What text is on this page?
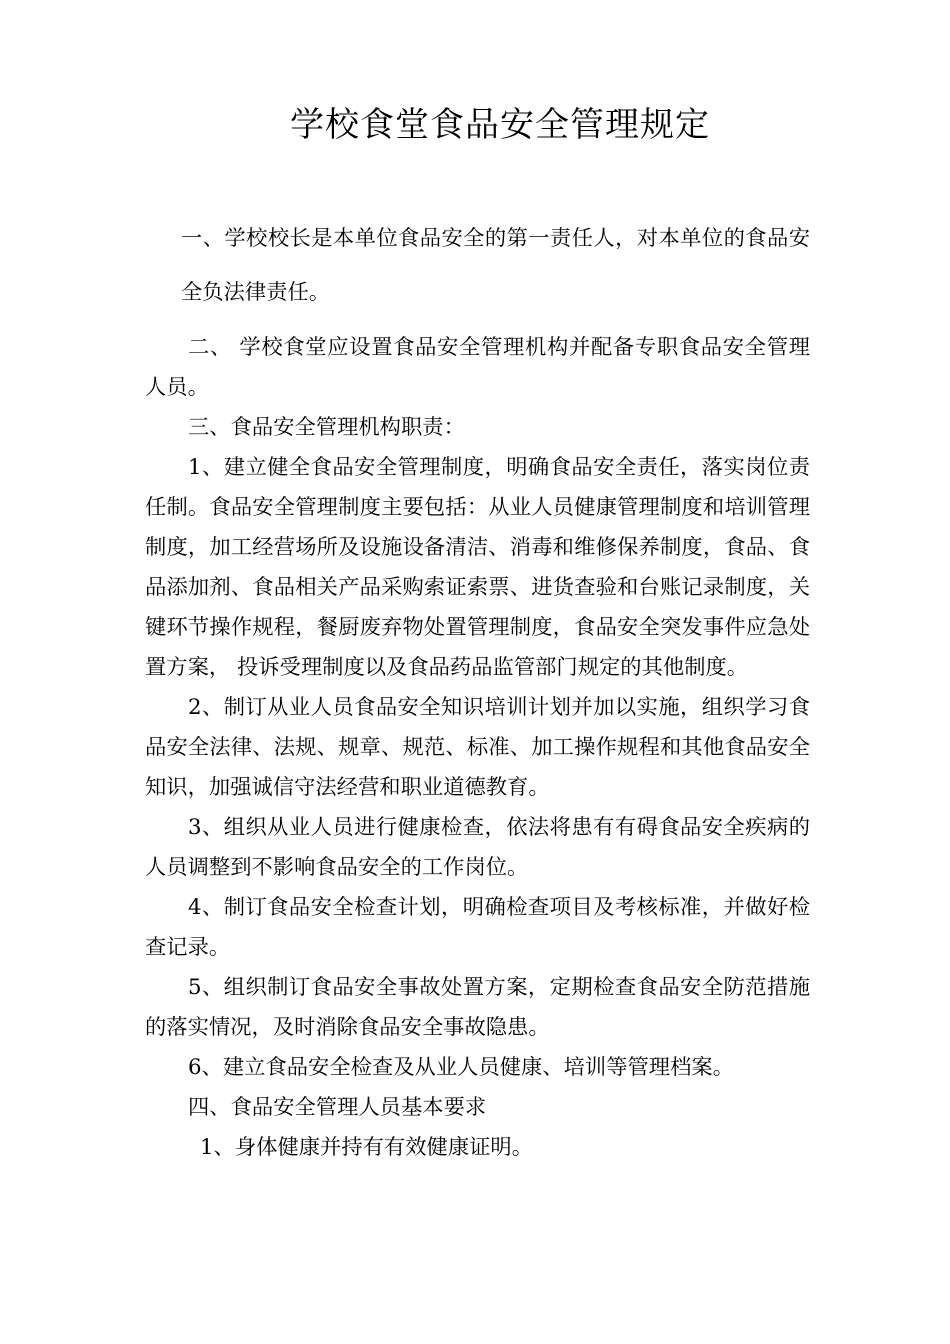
学校食堂食品安全管理规定

一、学校校长是本单位食品安全的第一责任人，对本单位的食品安全负法律责任。

二、 学校食堂应设置食品安全管理机构并配备专职食品安全管理 人员。

三、食品安全管理机构职责：

1、建立健全食品安全管理制度，明确食品安全责任，落实岗位责任制。食品安全管理制度主要包括：从业人员健康管理制度和培训管理制度，加工经营场所及设施设备清洁、消毒和维修保养制度，食品、食品添加剂、食品相关产品采购索证索票、进货查验和台账记录制度，关键环节操作规程，餐厨废弃物处置管理制度，食品安全突发事件应急处置方案， 投诉受理制度以及食品药品监管部门规定的其他制度。

2、制订从业人员食品安全知识培训计划并加以实施，组织学习食品安全法律、法规、规章、规范、标准、加工操作规程和其他食品安全知识，加强诚信守法经营和职业道德教育。

3、组织从业人员进行健康检查，依法将患有有碍食品安全疾病的人员调整到不影响食品安全的工作岗位。

4、制订食品安全检查计划，明确检查项目及考核标准，并做好检查记录。

5、组织制订食品安全事故处置方案，定期检查食品安全防范措施的落实情况，及时消除食品安全事故隐患。

6、建立食品安全检查及从业人员健康、培训等管理档案。

四、食品安全管理人员基本要求

1、身体健康并持有有效健康证明。
